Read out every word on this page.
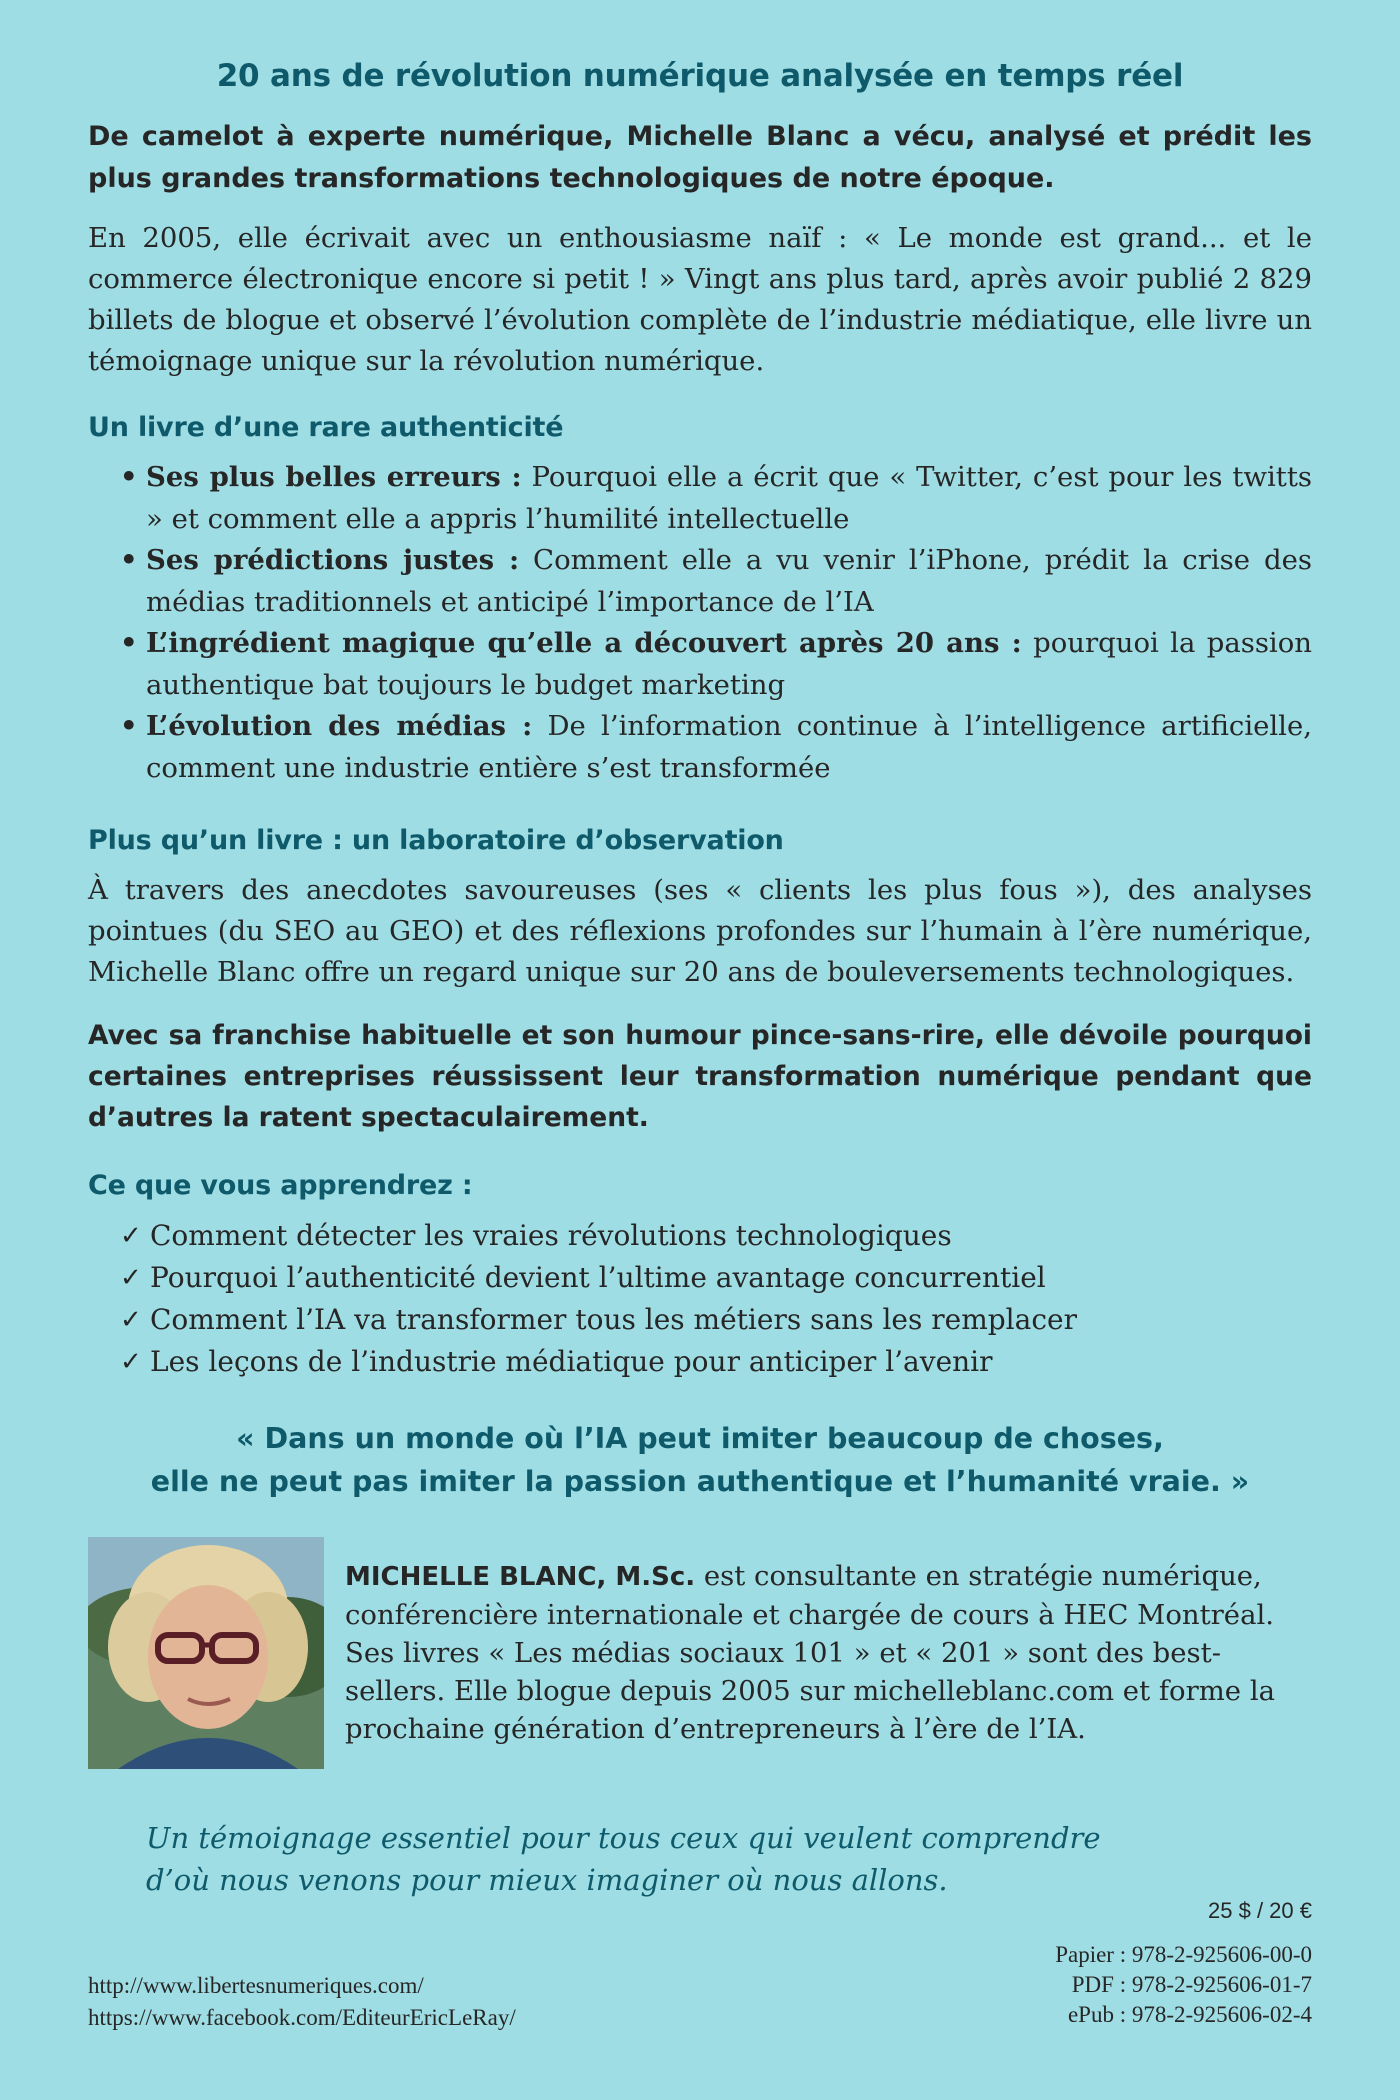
20 ans de révolution numérique analysée en temps réel

De camelot à experte numérique, Michelle Blanc a vécu, analysé et prédit les plus grandes transformations technologiques de notre époque.

En 2005, elle écrivait avec un enthousiasme naïf : « Le monde est grand... et le commerce électronique encore si petit ! » Vingt ans plus tard, après avoir publié 2 829 billets de blogue et observé l’évolution complète de l’industrie médiatique, elle livre un témoignage unique sur la révolution numérique.

Un livre d’une rare authenticité
• Ses plus belles erreurs : Pourquoi elle a écrit que « Twitter, c’est pour les twitts » et comment elle a appris l’humilité intellectuelle
• Ses prédictions justes : Comment elle a vu venir l’iPhone, prédit la crise des médias traditionnels et anticipé l’importance de l’IA
• L’ingrédient magique qu’elle a découvert après 20 ans : pourquoi la passion authentique bat toujours le budget marketing
• L’évolution des médias : De l’information continue à l’intelligence artificielle, comment une industrie entière s’est transformée
Plus qu’un livre : un laboratoire d’observation

À travers des anecdotes savoureuses (ses « clients les plus fous »), des analyses pointues (du SEO au GEO) et des réflexions profondes sur l’humain à l’ère numérique, Michelle Blanc offre un regard unique sur 20 ans de bouleversements technologiques.

Avec sa franchise habituelle et son humour pince-sans-rire, elle dévoile pourquoi certaines entreprises réussissent leur transformation numérique pendant que d’autres la ratent spectaculairement.

Ce que vous apprendrez :
✓ Comment détecter les vraies révolutions technologiques
✓ Pourquoi l’authenticité devient l’ultime avantage concurrentiel
✓ Comment l’IA va transformer tous les métiers sans les remplacer
✓ Les leçons de l’industrie médiatique pour anticiper l’avenir
« Dans un monde où l’IA peut imiter beaucoup de choses,
elle ne peut pas imiter la passion authentique et l’humanité vraie. »
MICHELLE BLANC, M.Sc. est consultante en stratégie numérique, conférencière internationale et chargée de cours à HEC Montréal. Ses livres « Les médias sociaux 101 » et « 201 » sont des best-sellers. Elle blogue depuis 2005 sur michelleblanc.com et forme la prochaine génération d’entrepreneurs à l’ère de l’IA.
Un témoignage essentiel pour tous ceux qui veulent comprendre
d’où nous venons pour mieux imaginer où nous allons.
25 $ / 20 €
Papier : 978-2-925606-00-0
PDF : 978-2-925606-01-7
ePub : 978-2-925606-02-4
http://www.libertesnumeriques.com/
https://www.facebook.com/EditeurEricLeRay/
